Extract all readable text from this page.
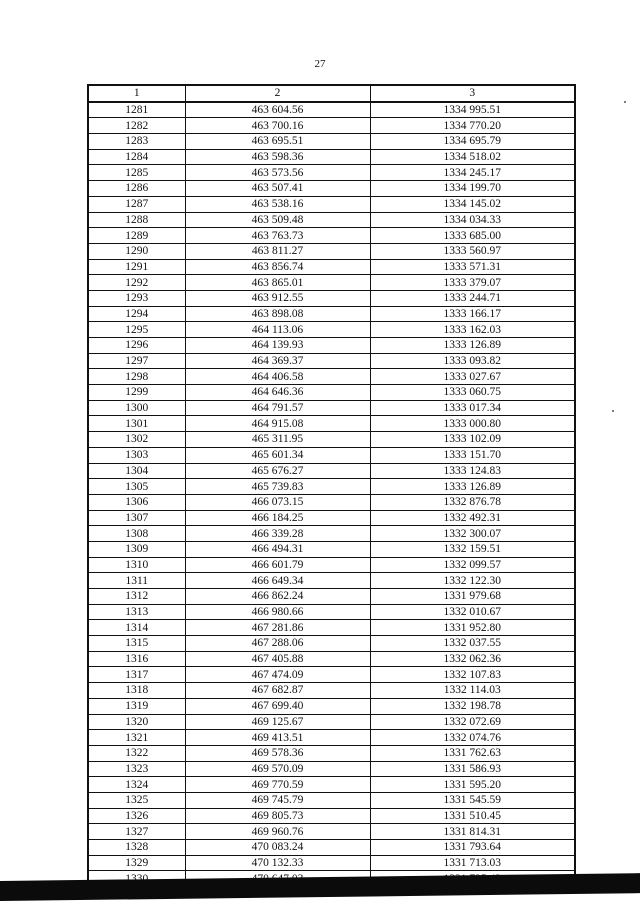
27
1	2	3
1281	463 604.56	1334 995.51
1282	463 700.16	1334 770.20
1283	463 695.51	1334 695.79
1284	463 598.36	1334 518.02
1285	463 573.56	1334 245.17
1286	463 507.41	1334 199.70
1287	463 538.16	1334 145.02
1288	463 509.48	1334 034.33
1289	463 763.73	1333 685.00
1290	463 811.27	1333 560.97
1291	463 856.74	1333 571.31
1292	463 865.01	1333 379.07
1293	463 912.55	1333 244.71
1294	463 898.08	1333 166.17
1295	464 113.06	1333 162.03
1296	464 139.93	1333 126.89
1297	464 369.37	1333 093.82
1298	464 406.58	1333 027.67
1299	464 646.36	1333 060.75
1300	464 791.57	1333 017.34
1301	464 915.08	1333 000.80
1302	465 311.95	1333 102.09
1303	465 601.34	1333 151.70
1304	465 676.27	1333 124.83
1305	465 739.83	1333 126.89
1306	466 073.15	1332 876.78
1307	466 184.25	1332 492.31
1308	466 339.28	1332 300.07
1309	466 494.31	1332 159.51
1310	466 601.79	1332 099.57
1311	466 649.34	1332 122.30
1312	466 862.24	1331 979.68
1313	466 980.66	1332 010.67
1314	467 281.86	1331 952.80
1315	467 288.06	1332 037.55
1316	467 405.88	1332 062.36
1317	467 474.09	1332 107.83
1318	467 682.87	1332 114.03
1319	467 699.40	1332 198.78
1320	469 125.67	1332 072.69
1321	469 413.51	1332 074.76
1322	469 578.36	1331 762.63
1323	469 570.09	1331 586.93
1324	469 770.59	1331 595.20
1325	469 745.79	1331 545.59
1326	469 805.73	1331 510.45
1327	469 960.76	1331 814.31
1328	470 083.24	1331 793.64
1329	470 132.33	1331 713.03
